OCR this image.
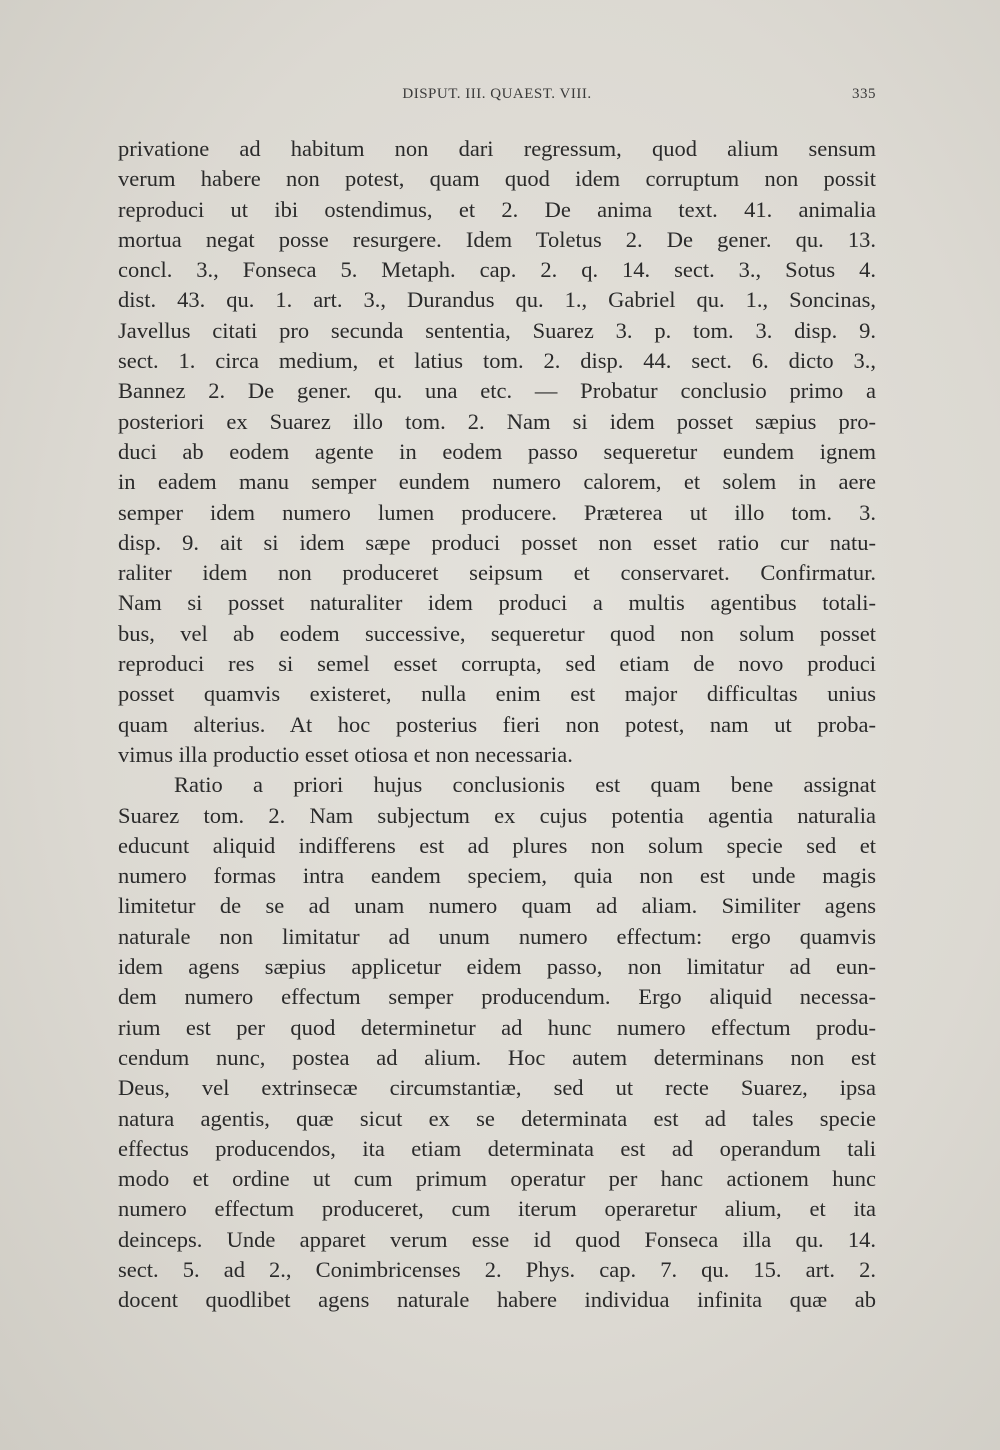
DISPUT. III. QUAEST. VIII.	335
privatione ad habitum non dari regressum, quod alium sensum
verum habere non potest, quam quod idem corruptum non possit
reproduci ut ibi ostendimus, et 2. De anima text. 41. animalia
mortua negat posse resurgere. Idem Toletus 2. De gener. qu. 13.
concl. 3., Fonseca 5. Metaph. cap. 2. q. 14. sect. 3., Sotus 4.
dist. 43. qu. 1. art. 3., Durandus qu. 1., Gabriel qu. 1., Soncinas,
Javellus citati pro secunda sententia, Suarez 3. p. tom. 3. disp. 9.
sect. 1. circa medium, et latius tom. 2. disp. 44. sect. 6. dicto 3.,
Bannez 2. De gener. qu. una etc. — Probatur conclusio primo a
posteriori ex Suarez illo tom. 2. Nam si idem posset sæpius pro-
duci ab eodem agente in eodem passo sequeretur eundem ignem
in eadem manu semper eundem numero calorem, et solem in aere
semper idem numero lumen producere. Præterea ut illo tom. 3.
disp. 9. ait si idem sæpe produci posset non esset ratio cur natu-
raliter idem non produceret seipsum et conservaret. Confirmatur.
Nam si posset naturaliter idem produci a multis agentibus totali-
bus, vel ab eodem successive, sequeretur quod non solum posset
reproduci res si semel esset corrupta, sed etiam de novo produci
posset quamvis existeret, nulla enim est major difficultas unius
quam alterius. At hoc posterius fieri non potest, nam ut proba-
vimus illa productio esset otiosa et non necessaria.
Ratio a priori hujus conclusionis est quam bene assignat
Suarez tom. 2. Nam subjectum ex cujus potentia agentia naturalia
educunt aliquid indifferens est ad plures non solum specie sed et
numero formas intra eandem speciem, quia non est unde magis
limitetur de se ad unam numero quam ad aliam. Similiter agens
naturale non limitatur ad unum numero effectum: ergo quamvis
idem agens sæpius applicetur eidem passo, non limitatur ad eun-
dem numero effectum semper producendum. Ergo aliquid necessa-
rium est per quod determinetur ad hunc numero effectum produ-
cendum nunc, postea ad alium. Hoc autem determinans non est
Deus, vel extrinsecæ circumstantiæ, sed ut recte Suarez, ipsa
natura agentis, quæ sicut ex se determinata est ad tales specie
effectus producendos, ita etiam determinata est ad operandum tali
modo et ordine ut cum primum operatur per hanc actionem hunc
numero effectum produceret, cum iterum operaretur alium, et ita
deinceps. Unde apparet verum esse id quod Fonseca illa qu. 14.
sect. 5. ad 2., Conimbricenses 2. Phys. cap. 7. qu. 15. art. 2.
docent quodlibet agens naturale habere individua infinita quæ ab
